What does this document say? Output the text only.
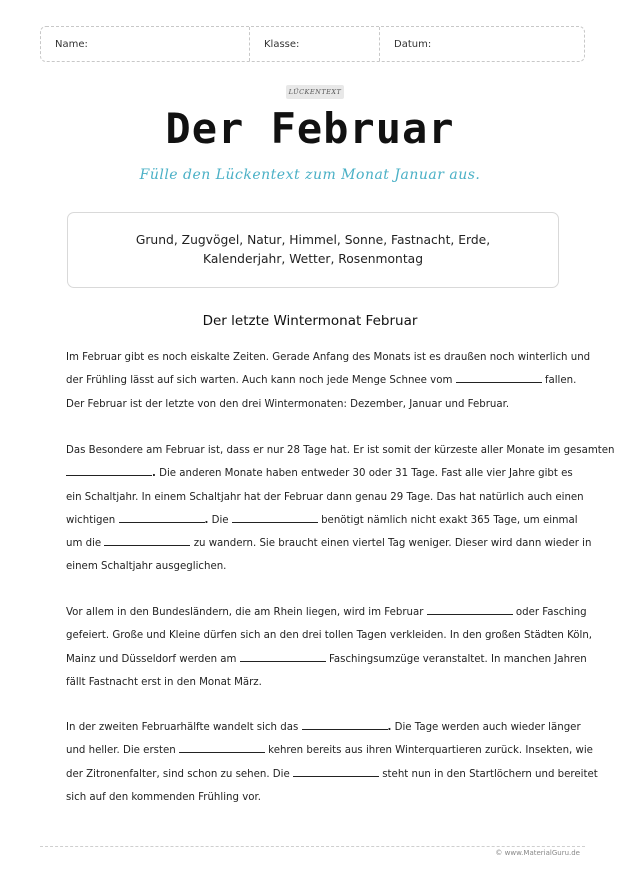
Name:	Klasse:	Datum:
LÜCKENTEXT
Der Februar
Fülle den Lückentext zum Monat Januar aus.
Grund, Zugvögel, Natur, Himmel, Sonne, Fastnacht, Erde,
Kalenderjahr, Wetter, Rosenmontag
Der letzte Wintermonat Februar
Im Februar gibt es noch eiskalte Zeiten. Gerade Anfang des Monats ist es draußen noch winterlich und
der Frühling lässt auf sich warten. Auch kann noch jede Menge Schnee vom	fallen.
Der Februar ist der letzte von den drei Wintermonaten: Dezember, Januar und Februar.
Das Besondere am Februar ist, dass er nur 28 Tage hat. Er ist somit der kürzeste aller Monate im gesamten
. Die anderen Monate haben entweder 30 oder 31 Tage. Fast alle vier Jahre gibt es
ein Schaltjahr. In einem Schaltjahr hat der Februar dann genau 29 Tage. Das hat natürlich auch einen
wichtigen	. Die	benötigt nämlich nicht exakt 365 Tage, um einmal
um die	zu wandern. Sie braucht einen viertel Tag weniger. Dieser wird dann wieder in
einem Schaltjahr ausgeglichen.
Vor allem in den Bundesländern, die am Rhein liegen, wird im Februar	oder Fasching
gefeiert. Große und Kleine dürfen sich an den drei tollen Tagen verkleiden. In den großen Städten Köln,
Mainz und Düsseldorf werden am	Faschingsumzüge veranstaltet. In manchen Jahren
fällt Fastnacht erst in den Monat März.
In der zweiten Februarhälfte wandelt sich das	. Die Tage werden auch wieder länger
und heller. Die ersten	kehren bereits aus ihren Winterquartieren zurück. Insekten, wie
der Zitronenfalter, sind schon zu sehen. Die	steht nun in den Startlöchern und bereitet
sich auf den kommenden Frühling vor.
© www.MaterialGuru.de
